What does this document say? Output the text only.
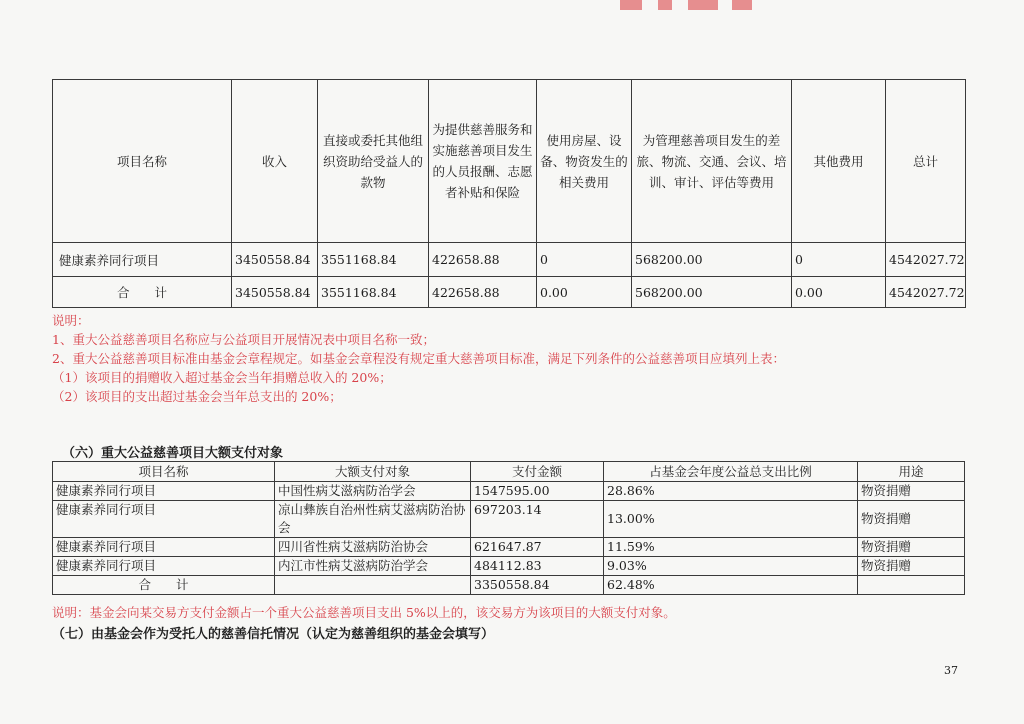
项目名称	收入	直接或委托其他组织资助给受益人的款物	为提供慈善服务和实施慈善项目发生的人员报酬、志愿者补贴和保险	使用房屋、设备、物资发生的相关费用	为管理慈善项目发生的差旅、物流、交通、会议、培训、审计、评估等费用	其他费用	总计
健康素养同行项目	3450558.84	3551168.84	422658.88	0	568200.00	0	4542027.72
合　　计	3450558.84	3551168.84	422658.88	0.00	568200.00	0.00	4542027.72
说明：
1、重大公益慈善项目名称应与公益项目开展情况表中项目名称一致；
2、重大公益慈善项目标准由基金会章程规定。如基金会章程没有规定重大慈善项目标准，满足下列条件的公益慈善项目应填列上表：
（1）该项目的捐赠收入超过基金会当年捐赠总收入的 20%；
（2）该项目的支出超过基金会当年总支出的 20%；
（六）重大公益慈善项目大额支付对象
项目名称	大额支付对象	支付金额	占基金会年度公益总支出比例	用途
健康素养同行项目	中国性病艾滋病防治学会	1547595.00	28.86%	物资捐赠
健康素养同行项目	凉山彝族自治州性病艾滋病防治协会	697203.14	13.00%	物资捐赠
健康素养同行项目	四川省性病艾滋病防治协会	621647.87	11.59%	物资捐赠
健康素养同行项目	内江市性病艾滋病防治学会	484112.83	9.03%	物资捐赠
合　　计		3350558.84	62.48%	
说明：基金会向某交易方支付金额占一个重大公益慈善项目支出 5%以上的，该交易方为该项目的大额支付对象。
（七）由基金会作为受托人的慈善信托情况（认定为慈善组织的基金会填写）
37
